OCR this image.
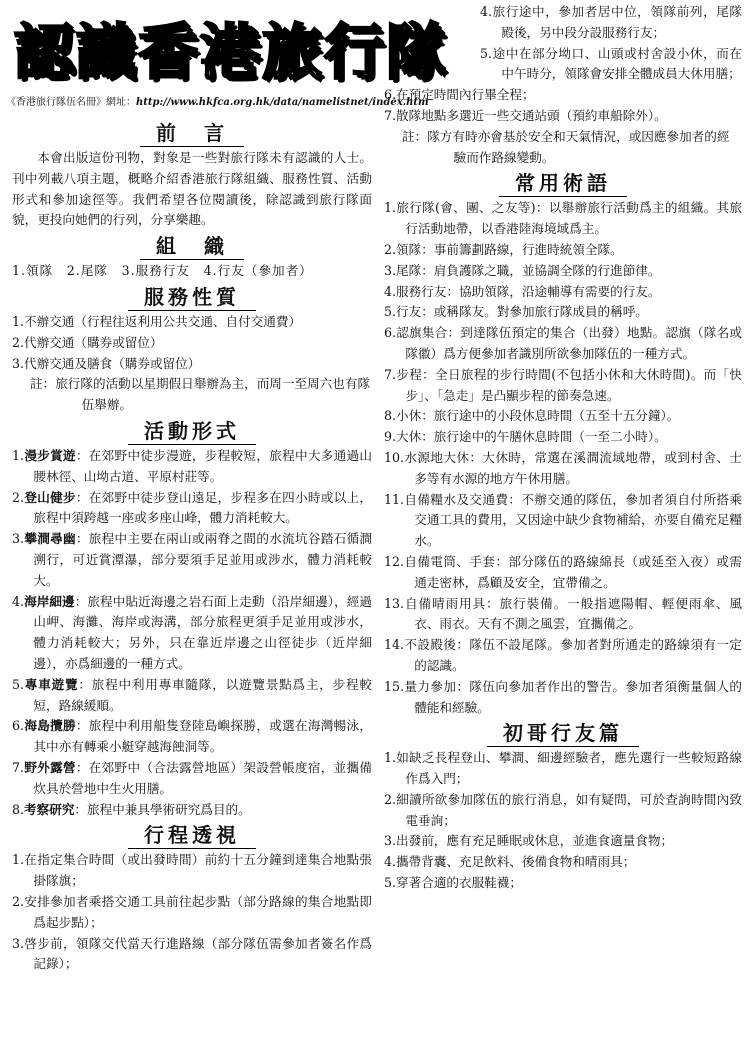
認識香港旅行隊
《香港旅行隊伍名冊》網址：http://www.hkfca.org.hk/data/namelistnet/index.htm
前　言

本會出版這份刊物，對象是一些對旅行隊未有認識的人士。刊中列載八項主題，概略介紹香港旅行隊組織、服務性質、活動形式和參加途徑等。我們希望各位閱讀後，除認識到旅行隊面貌，更投向她們的行列，分享樂趣。

組　織

1.領隊　2.尾隊　3.服務行友　4.行友（參加者）

服務性質

1.不辦交通（行程往返利用公共交通、自付交通費）

2.代辦交通（購券或留位）

3.代辦交通及膳食（購券或留位）

註：旅行隊的活動以星期假日舉辦為主，而周一至周六也有隊伍舉辦。

活動形式

1.漫步賞遊：在郊野中徒步漫遊，步程較短，旅程中大多通過山腰林徑、山坳古道、平原村莊等。

2.登山健步：在郊野中徒步登山遠足，步程多在四小時或以上，旅程中須跨越一座或多座山峰，體力消耗較大。

3.攀澗尋幽：旅程中主要在兩山或兩脊之間的水流坑谷踏石循澗溯行，可近賞潭瀑，部分要須手足並用或涉水，體力消耗較大。

4.海岸細邊：旅程中貼近海邊之岩石面上走動（沿岸細邊），經過山岬、海灘、海岸或海溝，部分旅程更須手足並用或涉水，體力消耗較大；另外，只在靠近岸邊之山徑徒步（近岸細邊），亦爲細邊的一種方式。

5.專車遊覽：旅程中利用專車隨隊，以遊覽景點爲主，步程較短，路線緩順。

6.海島攬勝：旅程中利用船隻登陸島嶼探勝，或選在海灣暢泳，其中亦有轉乘小艇穿越海蝕洞等。

7.野外露營：在郊野中（合法露營地區）架設營帳度宿，並攜備炊具於營地中生火用膳。

8.考察研究：旅程中兼具學術研究爲目的。

行程透視

1.在指定集合時間（或出發時間）前約十五分鐘到達集合地點張掛隊旗；

2.安排參加者乘搭交通工具前往起步點（部分路線的集合地點即爲起步點）；

3.啓步前，領隊交代當天行進路線（部分隊伍需參加者簽名作爲記錄）；

4.旅行途中，參加者居中位，領隊前列，尾隊殿後，另中段分設服務行友；

5.途中在部分坳口、山頭或村舍設小休，而在中午時分，領隊會安排全體成員大休用膳；

6.在預定時間內行畢全程；

7.散隊地點多選近一些交通站頭（預約車船除外）。

註：隊方有時亦會基於安全和天氣情況，或因應參加者的經驗而作路線變動。

常用術語

1.旅行隊(會、團、之友等)：以舉辦旅行活動爲主的組織。其旅行活動地帶，以香港陸海境域爲主。

2.領隊：事前籌劃路線，行進時統領全隊。

3.尾隊：肩負護隊之職，並協調全隊的行進節律。

4.服務行友：協助領隊，沿途輔導有需要的行友。

5.行友：或稱隊友。對參加旅行隊成員的稱呼。

6.認旗集合：到達隊伍預定的集合（出發）地點。認旗（隊名或隊徽）爲方便參加者識別所欲參加隊伍的一種方式。

7.步程：全日旅程的步行時間(不包括小休和大休時間)。而「快步」、「急走」是凸顯步程的節奏急速。

8.小休：旅行途中的小段休息時間（五至十五分鐘）。

9.大休：旅行途中的午膳休息時間（一至二小時）。

10.水源地大休：大休時，常選在溪澗流域地帶，或到村舍、士多等有水源的地方午休用膳。

11.自備糧水及交通費：不辦交通的隊伍，參加者須自付所搭乘交通工具的費用，又因途中缺少食物補給，亦要自備充足糧水。

12.自備電筒、手套：部分隊伍的路線綿長（或延至入夜）或需通走密林，爲顧及安全，宜帶備之。

13.自備晴雨用具：旅行裝備。一般指遮陽帽、輕便雨傘、風衣、雨衣。天有不測之風雲，宜攜備之。

14.不設殿後：隊伍不設尾隊。參加者對所通走的路線須有一定的認識。

15.量力參加：隊伍向參加者作出的警告。參加者須衡量個人的體能和經驗。

初哥行友篇

1.如缺乏長程登山、攀澗、細邊經驗者，應先選行一些較短路線作爲入門；

2.細讀所欲參加隊伍的旅行消息，如有疑問，可於查詢時間內致電垂詢；

3.出發前，應有充足睡眠或休息，並進食適量食物；

4.攜帶背囊、充足飲料、後備食物和晴雨具；

5.穿著合適的衣服鞋襪；
